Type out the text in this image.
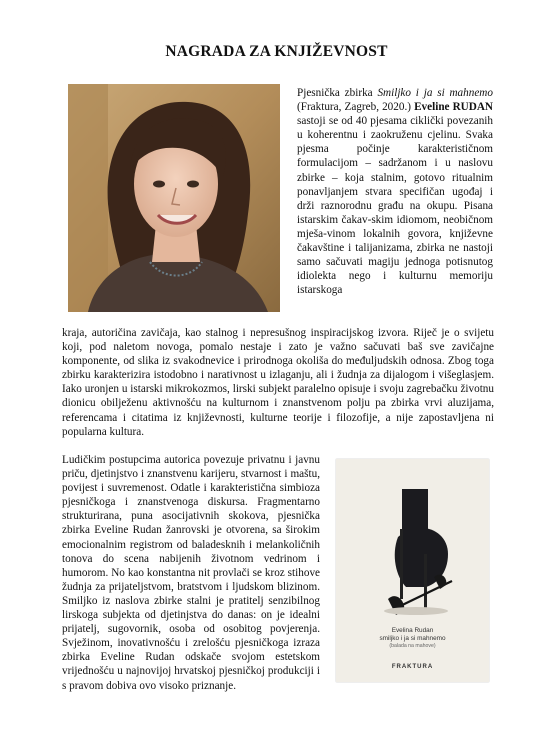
NAGRADA ZA KNJIŽEVNOST

Pjesnička zbirka Smiljko i ja si mahnemo (Fraktura, Zagreb, 2020.) Eveline RUDAN sastoji se od 40 pjesama ciklički povezanih u koherentnu i zaokruženu cjelinu. Svaka pjesma počinje karakterističnom formulacijom – sadržanom i u naslovu zbirke – koja stalnim, gotovo ritualnim ponavljanjem stvara specifičan ugođaj i drži raznorodnu građu na okupu. Pisana istarskim čakav-skim idiomom, neobičnom mješa-vinom lokalnih govora, književne čakavštine i talijanizama, zbirka ne nastoji samo sačuvati magiju jednoga potisnutog idiolekta nego i kulturnu memoriju istarskoga

kraja, autoričina zavičaja, kao stalnog i nepresušnog inspiracijskog izvora. Riječ je o svijetu koji, pod naletom novoga, pomalo nestaje i zato je važno sačuvati baš sve zavičajne komponente, od slika iz svakodnevice i prirodnoga okoliša do međuljudskih odnosa. Zbog toga zbirku karakterizira istodobno i narativnost u izlaganju, ali i žudnja za dijalogom i višeglasjem. Iako uronjen u istarski mikrokozmos, lirski subjekt paralelno opisuje i svoju zagrebačku životnu dionicu obilježenu aktivnošću na kulturnom i znanstvenom polju pa zbirka vrvi aluzijama, referencama i citatima iz književnosti, kulturne teorije i filozofije, a nije zapostavljena ni popularna kultura.

Ludičkim postupcima autorica povezuje privatnu i javnu priču, djetinjstvo i znanstvenu karijeru, stvarnost i maštu, povijest i suvremenost. Odatle i karakteristična simbioza pjesničkoga i znanstvenoga diskursa. Fragmentarno strukturirana, puna asocijativnih skokova, pjesnička zbirka Eveline Rudan žanrovski je otvorena, sa širokim emocionalnim registrom od baladesknih i melankoličnih tonova do scena nabijenih životnom vedrinom i humorom. No kao konstantna nit provlači se kroz stihove žudnja za prijateljstvom, bratstvom i ljudskom blizinom. Smiljko iz naslova zbirke stalni je pratitelj senzibilnog lirskoga subjekta od djetinjstva do danas: on je idealni prijatelj, sugovornik, osoba od osobitog povjerenja. Svježinom, inovativnošću i zrelošću pjesničkoga izraza zbirka Eveline Rudan odskače svojom estetskom vrijednošću u najnovijoj hrvatskoj pjesničkoj produkciji i s pravom dobiva ovo visoko priznanje.

Evelina Rudan
smiljko i ja si mahnemo
(balada na mahove)
FRAKTURA
